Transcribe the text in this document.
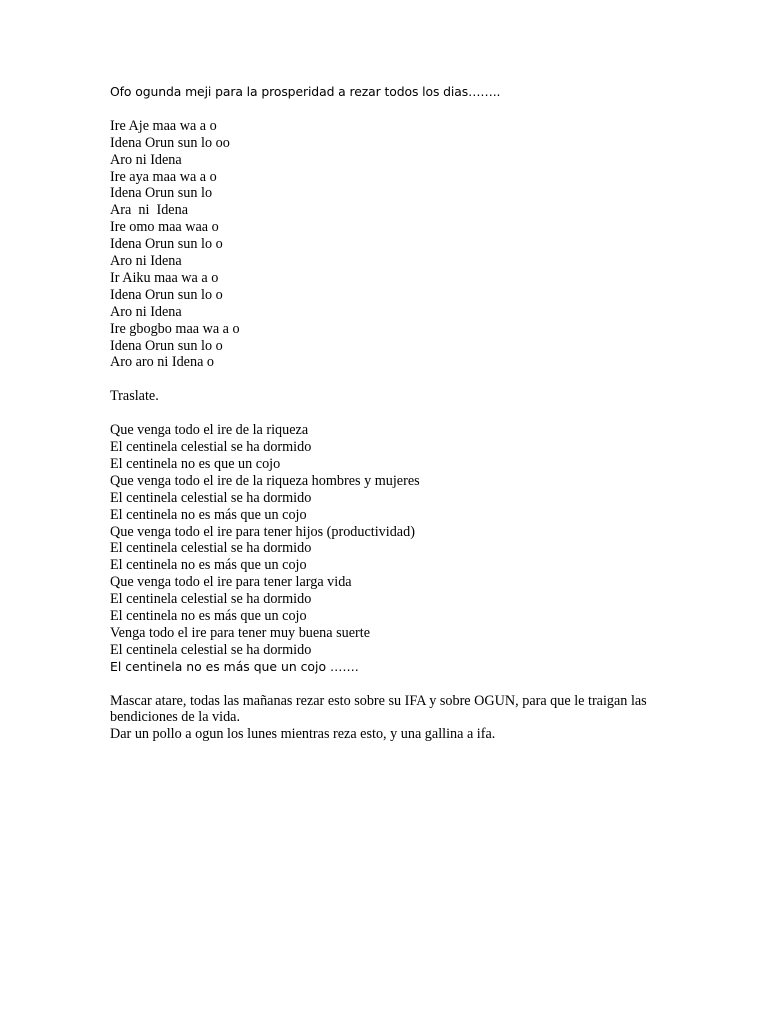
Ofo ogunda meji para la prosperidad a rezar todos los dias……..

Ire Aje maa wa a o
Idena Orun sun lo oo
Aro ni Idena
Ire aya maa wa a o
Idena Orun sun lo
Ara  ni  Idena
Ire omo maa waa o
Idena Orun sun lo o
Aro ni Idena
Ir Aiku maa wa a o
Idena Orun sun lo o
Aro ni Idena
Ire gbogbo maa wa a o
Idena Orun sun lo o
Aro aro ni Idena o
Traslate.
Que venga todo el ire de la riqueza
El centinela celestial se ha dormido
El centinela no es que un cojo
Que venga todo el ire de la riqueza hombres y mujeres
El centinela celestial se ha dormido
El centinela no es más que un cojo
Que venga todo el ire para tener hijos (productividad)
El centinela celestial se ha dormido
El centinela no es más que un cojo
Que venga todo el ire para tener larga vida
El centinela celestial se ha dormido
El centinela no es más que un cojo
Venga todo el ire para tener muy buena suerte
El centinela celestial se ha dormido
El centinela no es más que un cojo …….
Mascar atare, todas las mañanas rezar esto sobre su IFA y sobre OGUN, para que le traigan las bendiciones de la vida.
Dar un pollo a ogun los lunes mientras reza esto, y una gallina a ifa.
